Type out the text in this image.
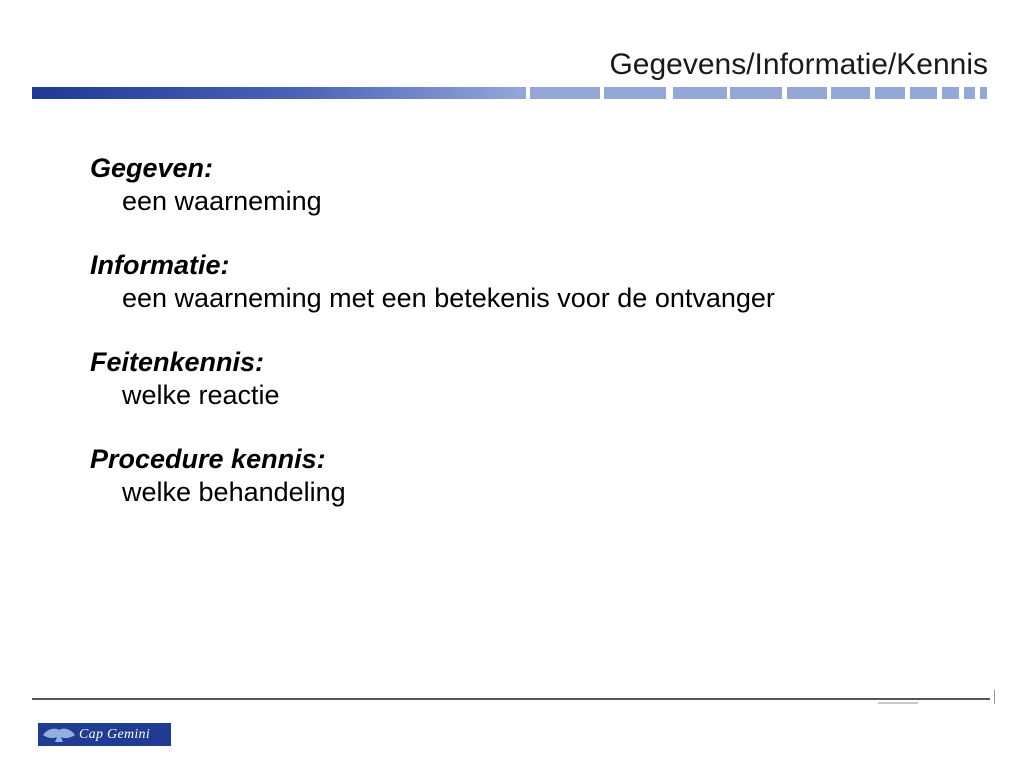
Gegevens/Informatie/Kennis
Gegeven:
een waarneming
Informatie:
een waarneming met een betekenis voor de ontvanger
Feitenkennis:
welke reactie
Procedure kennis:
welke behandeling
Cap Gemini
